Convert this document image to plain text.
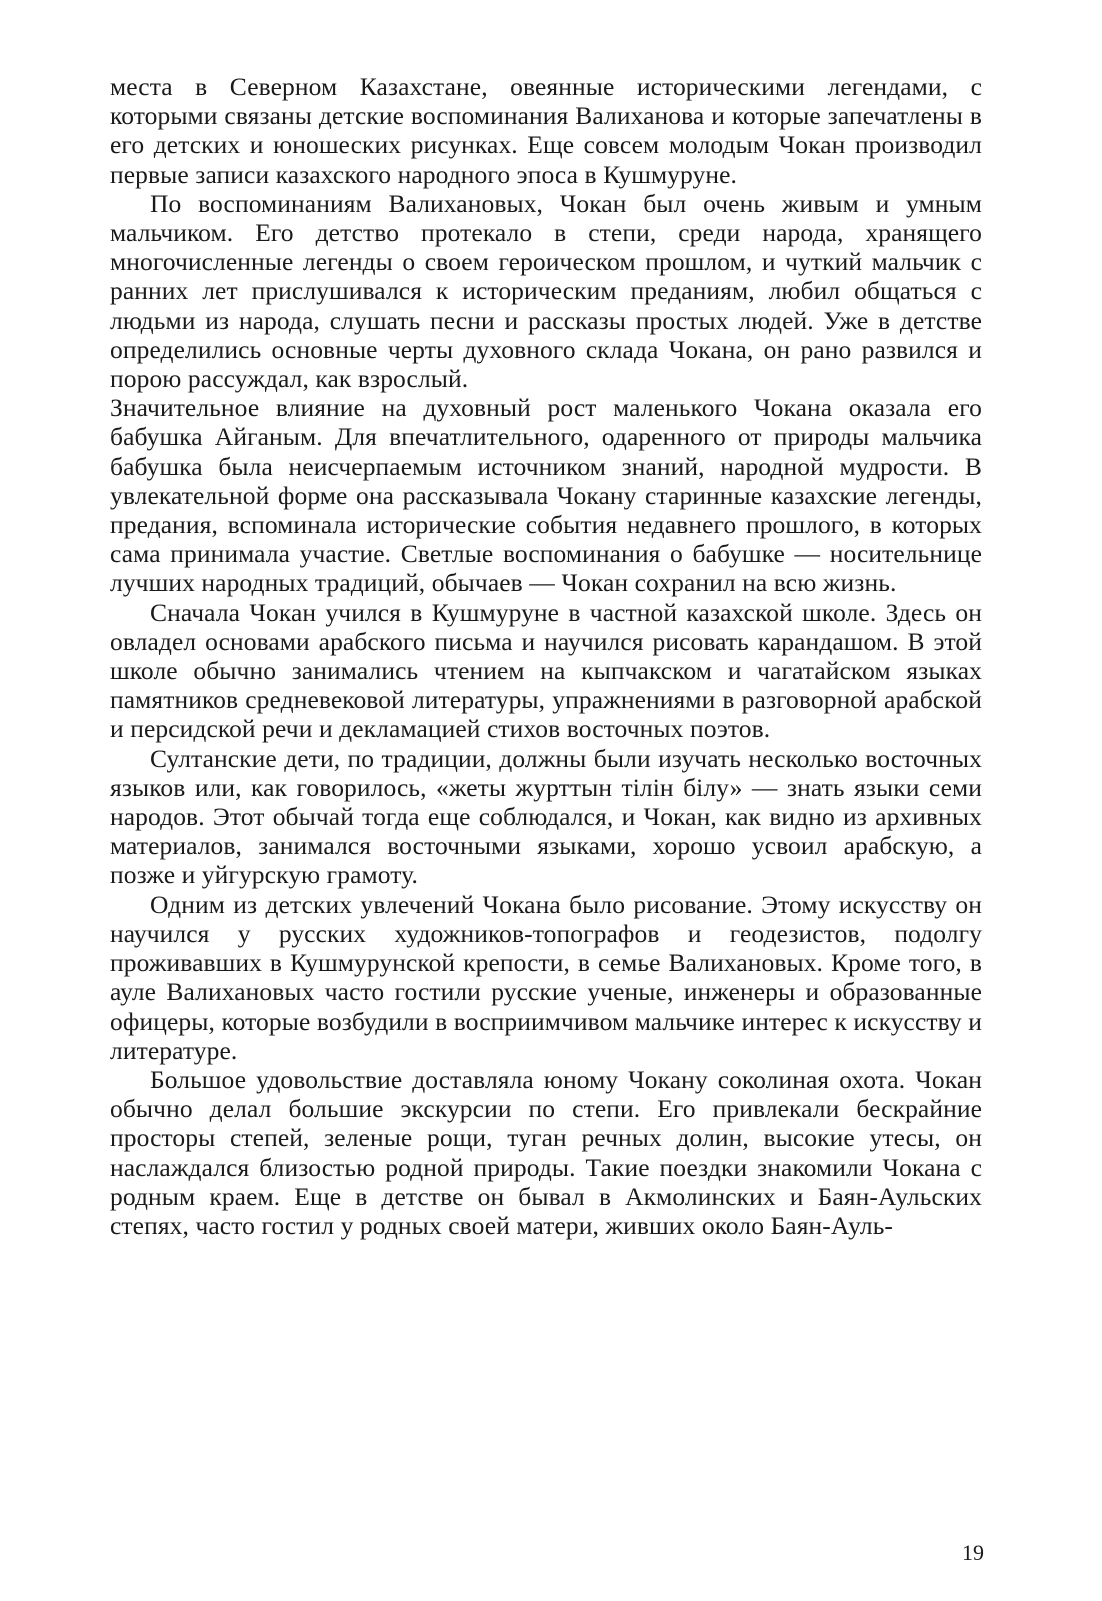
места в Северном Казахстане, овеянные историческими легендами, с которыми связаны детские воспоминания Валиханова и которые запечатлены в его детских и юношеских рисунках. Еще совсем молодым Чокан производил первые записи казахского народного эпоса в Кушмуруне.

По воспоминаниям Валихановых, Чокан был очень живым и умным мальчиком. Его детство протекало в степи, среди народа, хранящего многочисленные легенды о своем героическом прошлом, и чуткий мальчик с ранних лет прислушивался к историческим преданиям, любил общаться с людьми из народа, слушать песни и рассказы простых людей. Уже в детстве определились основные черты духовного склада Чокана, он рано развился и порою рассуждал, как взрослый.

Значительное влияние на духовный рост маленького Чокана оказала его бабушка Айганым. Для впечатлительного, одаренного от природы мальчика бабушка была неисчерпаемым источником знаний, народной мудрости. В увлекательной форме она рассказывала Чокану старинные казахские легенды, предания, вспоминала исторические события недавнего прошлого, в которых сама принимала участие. Светлые воспоминания о бабушке — носительнице лучших народных традиций, обычаев — Чокан сохранил на всю жизнь.

Сначала Чокан учился в Кушмуруне в частной казахской школе. Здесь он овладел основами арабского письма и научился рисовать карандашом. В этой школе обычно занимались чтением на кыпчакском и чагатайском языках памятников средневековой литературы, упражнениями в разговорной арабской и персидской речи и декламацией стихов восточных поэтов.

Султанские дети, по традиции, должны были изучать несколько восточных языков или, как говорилось, «жеты журттын тiлiн бiлу» — знать языки семи народов. Этот обычай тогда еще соблюдался, и Чокан, как видно из архивных материалов, занимался восточными языками, хорошо усвоил арабскую, а позже и уйгурскую грамоту.

Одним из детских увлечений Чокана было рисование. Этому искусству он научился у русских художников-топографов и геодезистов, подолгу проживавших в Кушмурунской крепости, в семье Валихановых. Кроме того, в ауле Валихановых часто гостили русские ученые, инженеры и образованные офицеры, которые возбудили в восприимчивом мальчике интерес к искусству и литературе.

Большое удовольствие доставляла юному Чокану соколиная охота. Чокан обычно делал большие экскурсии по степи. Его привлекали бескрайние просторы степей, зеленые рощи, туган речных долин, высокие утесы, он наслаждался близостью родной природы. Такие поездки знакомили Чокана с родным краем. Еще в детстве он бывал в Акмолинских и Баян-Аульских степях, часто гостил у родных своей матери, живших около Баян-Ауль-

19
